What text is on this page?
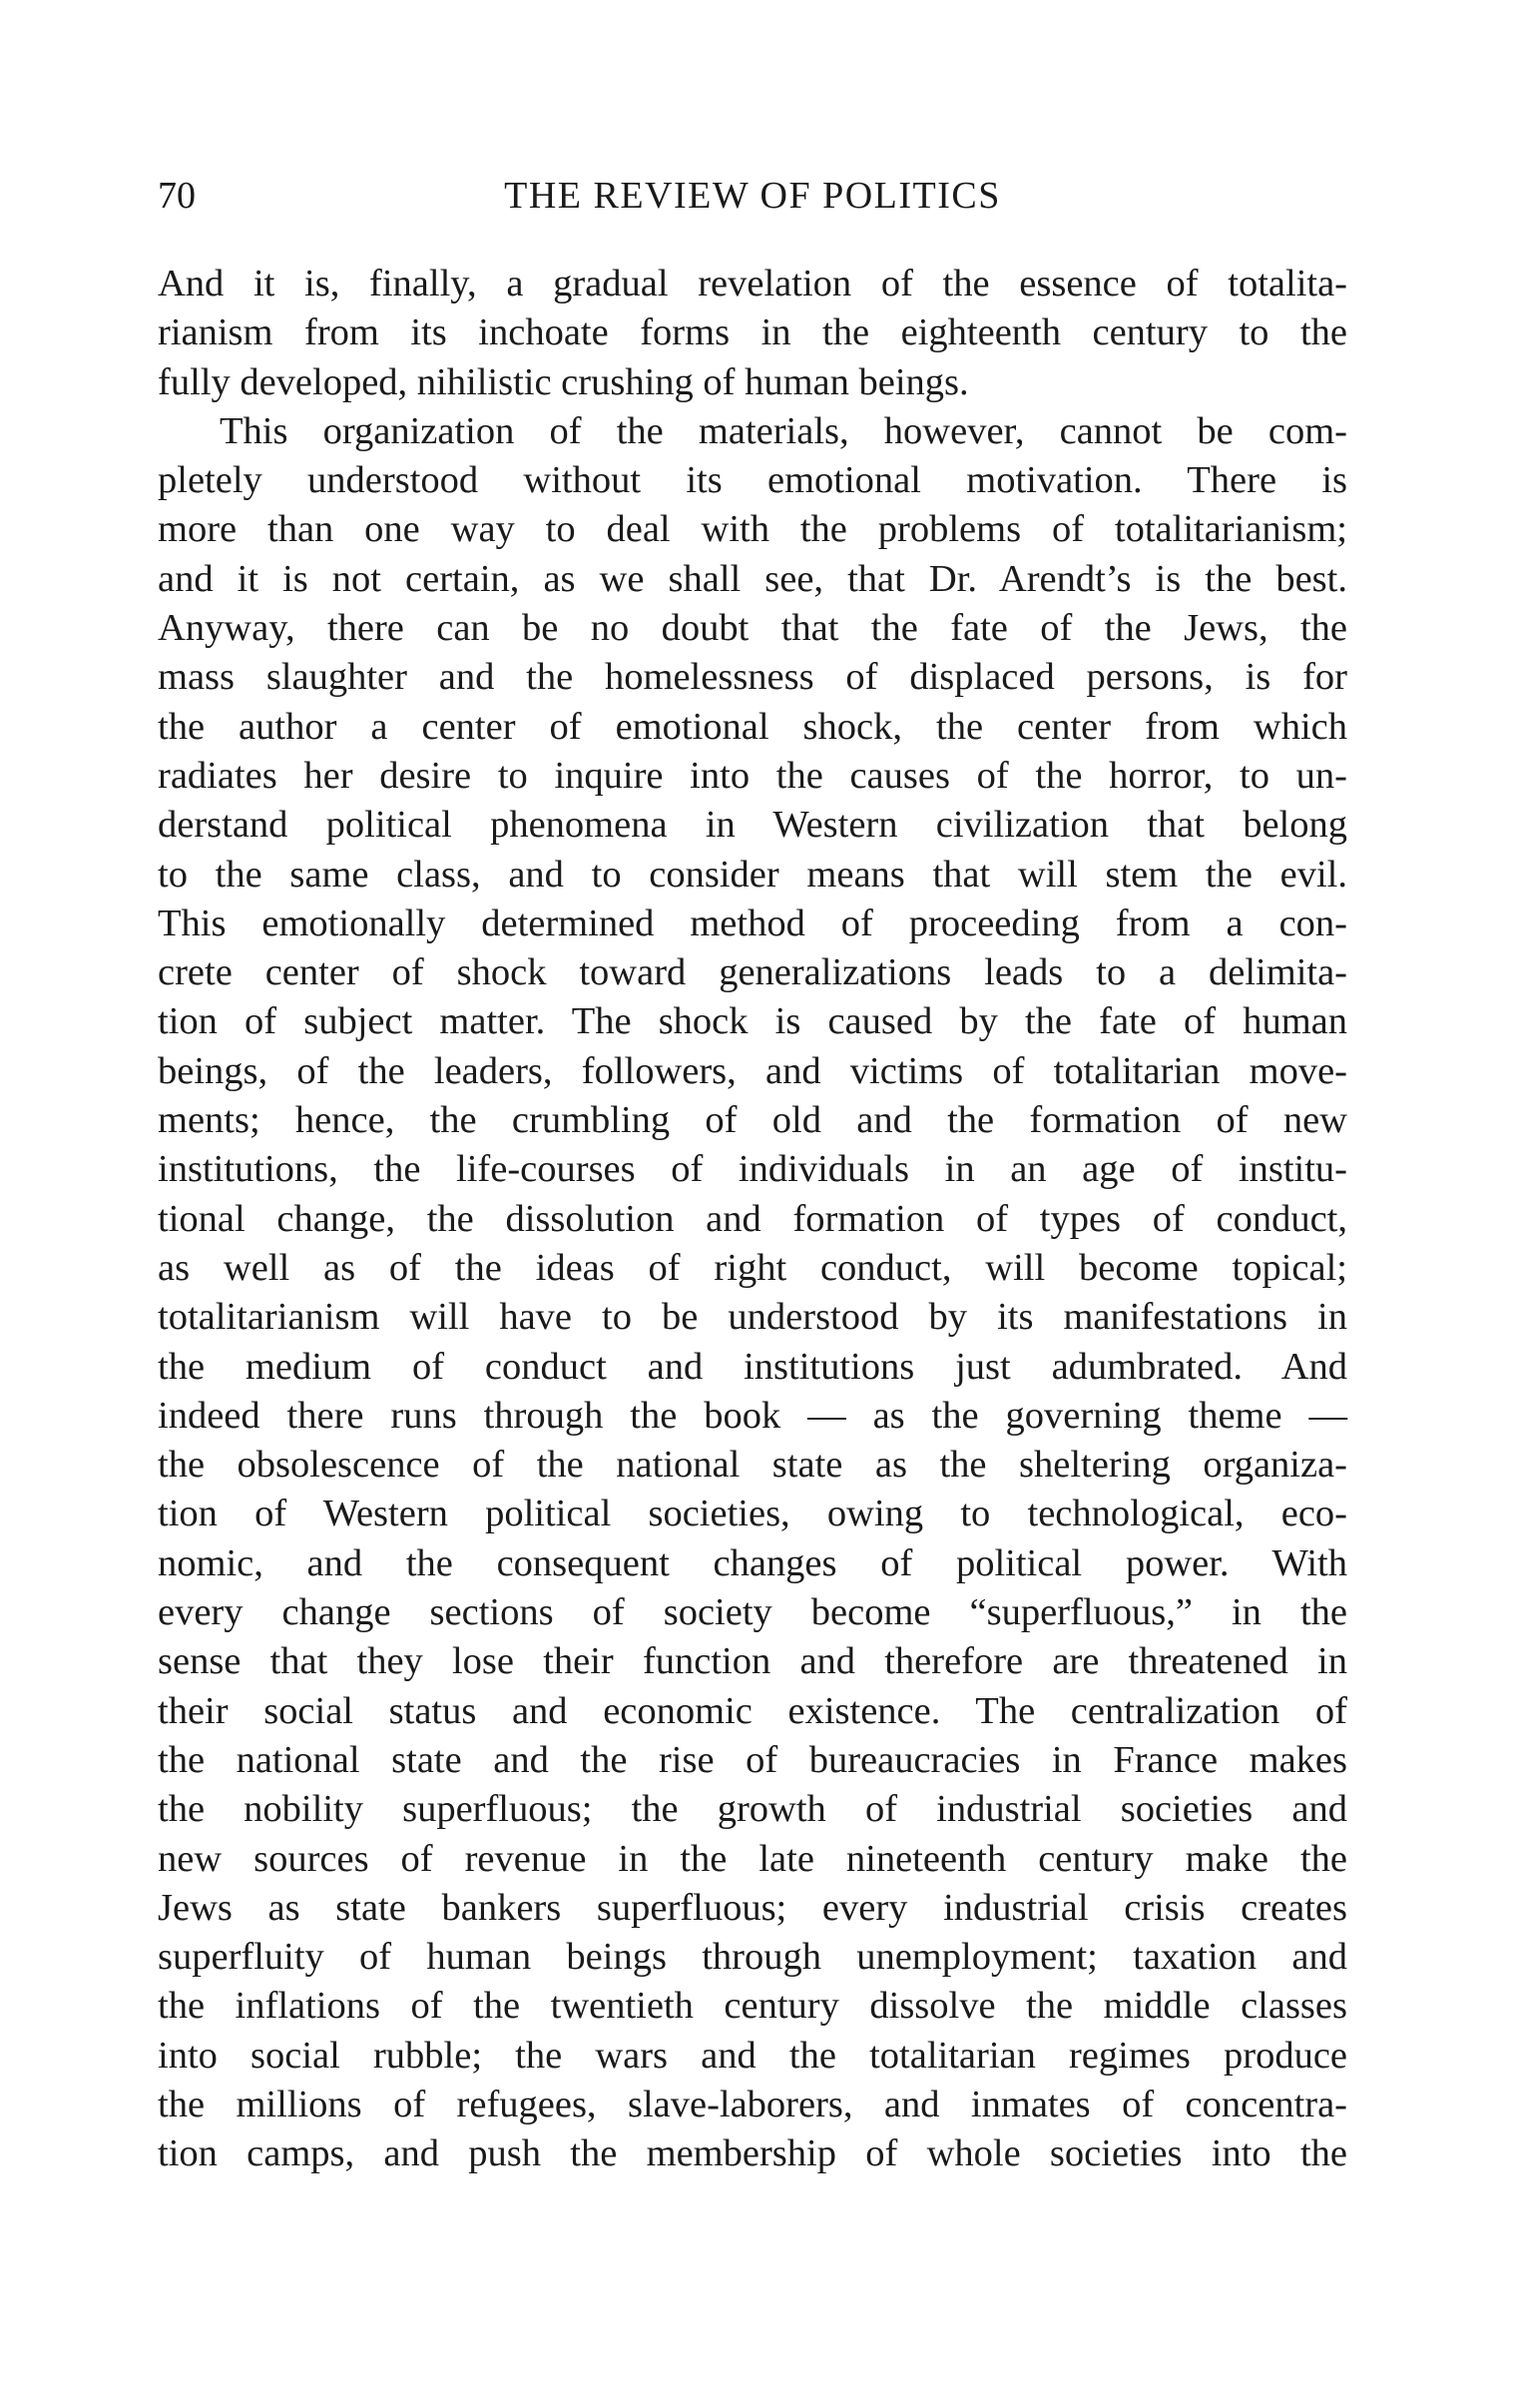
70	THE REVIEW OF POLITICS
And it is, finally, a gradual revelation of the essence of totalita-
rianism from its inchoate forms in the eighteenth century to the
fully developed, nihilistic crushing of human beings.
This organization of the materials, however, cannot be com-
pletely understood without its emotional motivation. There is
more than one way to deal with the problems of totalitarianism;
and it is not certain, as we shall see, that Dr. Arendt’s is the best.
Anyway, there can be no doubt that the fate of the Jews, the
mass slaughter and the homelessness of displaced persons, is for
the author a center of emotional shock, the center from which
radiates her desire to inquire into the causes of the horror, to un-
derstand political phenomena in Western civilization that belong
to the same class, and to consider means that will stem the evil.
This emotionally determined method of proceeding from a con-
crete center of shock toward generalizations leads to a delimita-
tion of subject matter. The shock is caused by the fate of human
beings, of the leaders, followers, and victims of totalitarian move-
ments; hence, the crumbling of old and the formation of new
institutions, the life-courses of individuals in an age of institu-
tional change, the dissolution and formation of types of conduct,
as well as of the ideas of right conduct, will become topical;
totalitarianism will have to be understood by its manifestations in
the medium of conduct and institutions just adumbrated. And
indeed there runs through the book — as the governing theme —
the obsolescence of the national state as the sheltering organiza-
tion of Western political societies, owing to technological, eco-
nomic, and the consequent changes of political power. With
every change sections of society become “superfluous,” in the
sense that they lose their function and therefore are threatened in
their social status and economic existence. The centralization of
the national state and the rise of bureaucracies in France makes
the nobility superfluous; the growth of industrial societies and
new sources of revenue in the late nineteenth century make the
Jews as state bankers superfluous; every industrial crisis creates
superfluity of human beings through unemployment; taxation and
the inflations of the twentieth century dissolve the middle classes
into social rubble; the wars and the totalitarian regimes produce
the millions of refugees, slave-laborers, and inmates of concentra-
tion camps, and push the membership of whole societies into the
